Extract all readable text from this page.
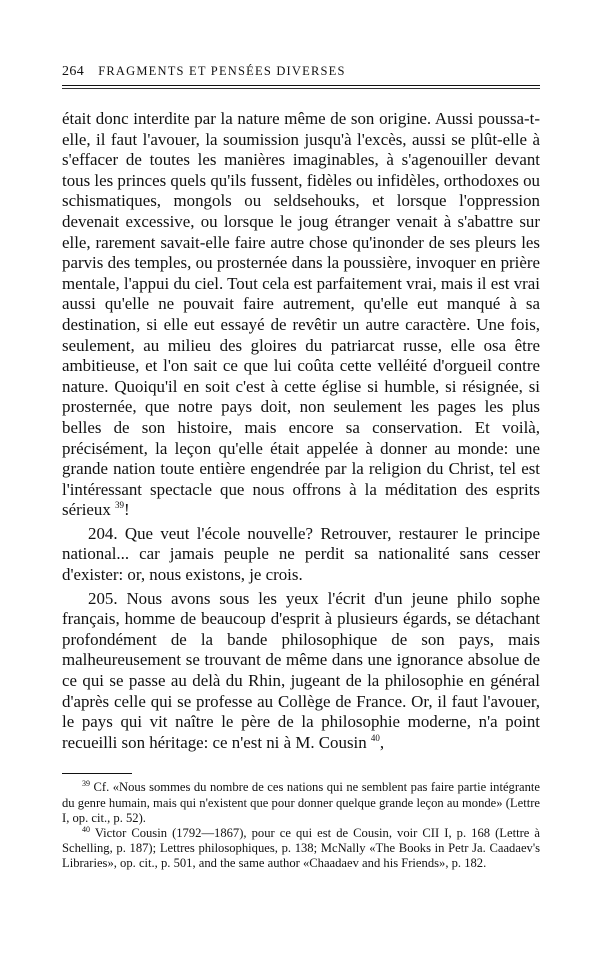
264 FRAGMENTS ET PENSÉES DIVERSES

était donc interdite par la nature même de son origine. Aussi poussa-t-elle, il faut l'avouer, la soumission jusqu'à l'excès, aussi se plût-elle à s'effacer de toutes les manières imaginables, à s'agenouiller devant tous les princes quels qu'ils fussent, fidèles ou infidèles, orthodoxes ou schismatiques, mongols ou seldsehouks, et lorsque l'oppression devenait excessive, ou lorsque le joug étranger venait à s'abattre sur elle, rarement savait-elle faire autre chose qu'inonder de ses pleurs les parvis des temples, ou prosternée dans la poussière, invoquer en prière mentale, l'appui du ciel. Tout cela est parfaitement vrai, mais il est vrai aussi qu'elle ne pouvait faire autrement, qu'elle eut manqué à sa destination, si elle eut essayé de revêtir un autre caractère. Une fois, seulement, au milieu des gloires du patriarcat russe, elle osa être ambitieuse, et l'on sait ce que lui coûta cette velléité d'orgueil contre nature. Quoiqu'il en soit c'est à cette église si humble, si résignée, si prosternée, que notre pays doit, non seulement les pages les plus belles de son histoire, mais encore sa conservation. Et voilà, précisément, la leçon qu'elle était appelée à donner au monde: une grande nation toute entière engendrée par la religion du Christ, tel est l'intéressant spectacle que nous offrons à la méditation des esprits sérieux $^{39}$!

204. Que veut l'école nouvelle? Retrouver, restaurer le principe national... car jamais peuple ne perdit sa nationalité sans cesser d'exister: or, nous existons, je crois.

205. Nous avons sous les yeux l'écrit d'un jeune philo sophe français, homme de beaucoup d'esprit à plusieurs égards, se détachant profondément de la bande philosophique de son pays, mais malheureusement se trouvant de même dans une ignorance absolue de ce qui se passe au delà du Rhin, jugeant de la philosophie en général d'après celle qui se professe au Collège de France. Or, il faut l'avouer, le pays qui vit naître le père de la philosophie moderne, n'a point recueilli son héritage: ce n'est ni à M. Cousin $^{40}$,

$^{39}$ Cf. «Nous sommes du nombre de ces nations qui ne semblent pas faire partie intégrante du genre humain, mais qui n'existent que pour donner quelque grande leçon au monde» (Lettre I, op. cit., p. 52).

$^{40}$ Victor Cousin (1792—1867), pour ce qui est de Cousin, voir CII I, p. 168 (Lettre à Schelling, p. 187); Lettres philosophiques, p. 138; McNally «The Books in Petr Ja. Caadaev's Libraries», op. cit., p. 501, and the same author «Chaadaev and his Friends», p. 182.
